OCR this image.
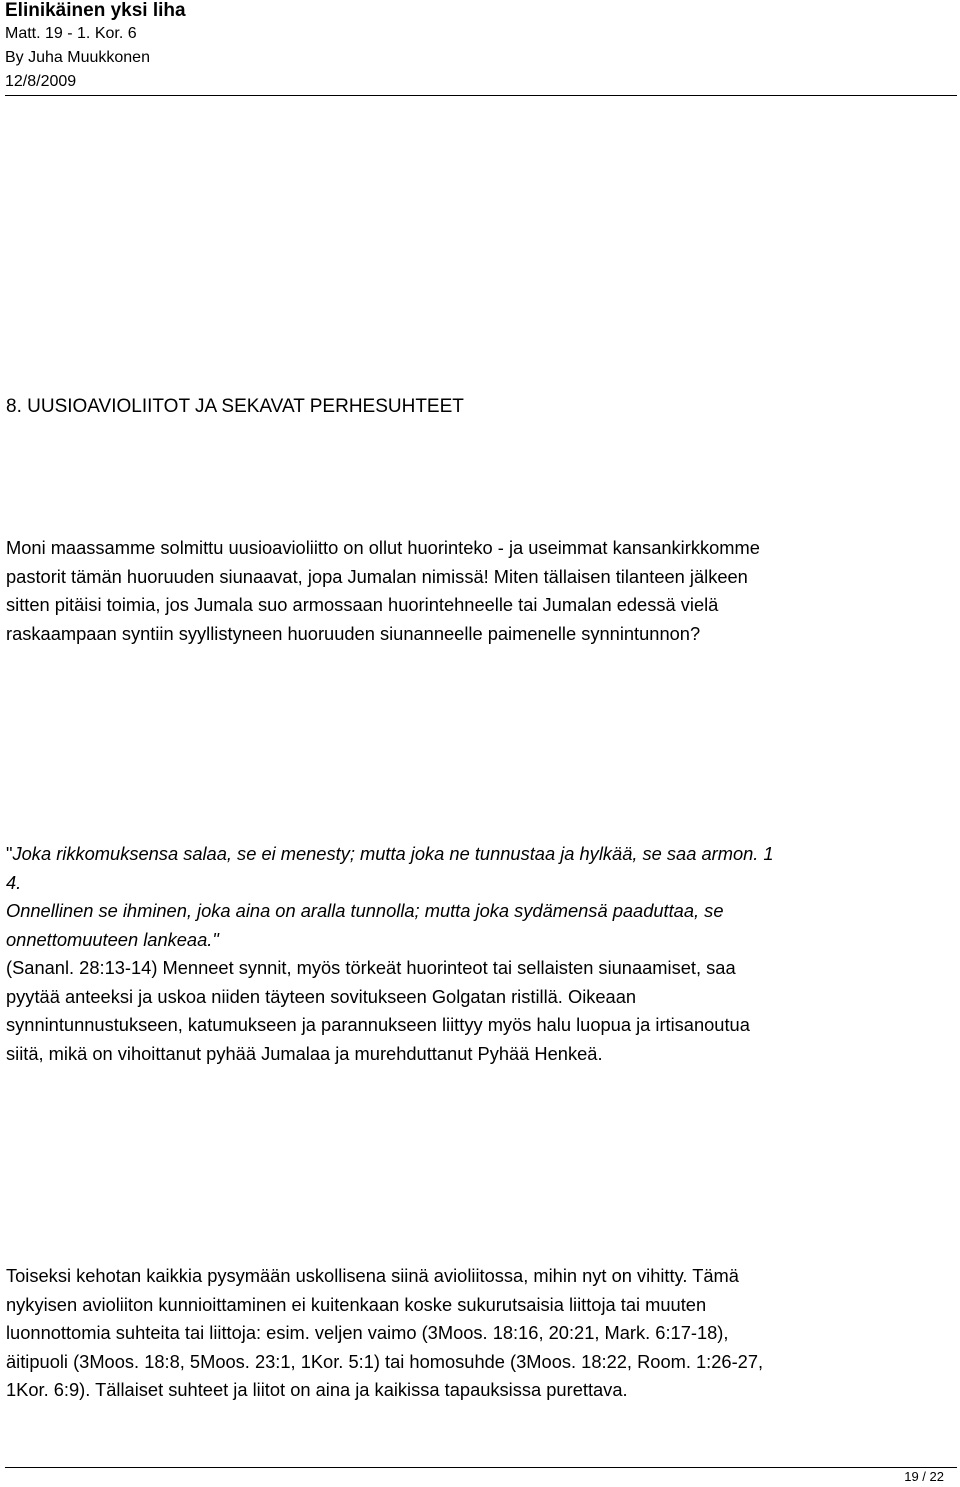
Elinikäinen yksi liha
Matt. 19 - 1. Kor. 6
By Juha Muukkonen
12/8/2009
8. UUSIOAVIOLIITOT JA SEKAVAT PERHESUHTEET
Moni maassamme solmittu uusioavioliitto on ollut huorinteko - ja useimmat kansankirkkomme
pastorit tämän huoruuden siunaavat, jopa Jumalan nimissä! Miten tällaisen tilanteen jälkeen
sitten pitäisi toimia, jos Jumala suo armossaan huorintehneelle tai Jumalan edessä vielä
raskaampaan syntiin syyllistyneen huoruuden siunanneelle paimenelle synnintunnon?
"Joka rikkomuksensa salaa, se ei menesty; mutta joka ne tunnustaa ja hylkää, se saa armon. 1
4.
Onnellinen se ihminen, joka aina on aralla tunnolla; mutta joka sydämensä paaduttaa, se
onnettomuuteen lankeaa."
(Sananl. 28:13-14) Menneet synnit, myös törkeät huorinteot tai sellaisten siunaamiset, saa
pyytää anteeksi ja uskoa niiden täyteen sovitukseen Golgatan ristillä. Oikeaan
synnintunnustukseen, katumukseen ja parannukseen liittyy myös halu luopua ja irtisanoutua
siitä, mikä on vihoittanut pyhää Jumalaa ja murehduttanut Pyhää Henkeä.
Toiseksi kehotan kaikkia pysymään uskollisena siinä avioliitossa, mihin nyt on vihitty. Tämä
nykyisen avioliiton kunnioittaminen ei kuitenkaan koske sukurutsaisia liittoja tai muuten
luonnottomia suhteita tai liittoja: esim. veljen vaimo (3Moos. 18:16, 20:21, Mark. 6:17-18),
äitipuoli (3Moos. 18:8, 5Moos. 23:1, 1Kor. 5:1) tai homosuhde (3Moos. 18:22, Room. 1:26-27,
1Kor. 6:9). Tällaiset suhteet ja liitot on aina ja kaikissa tapauksissa purettava.
19 / 22
